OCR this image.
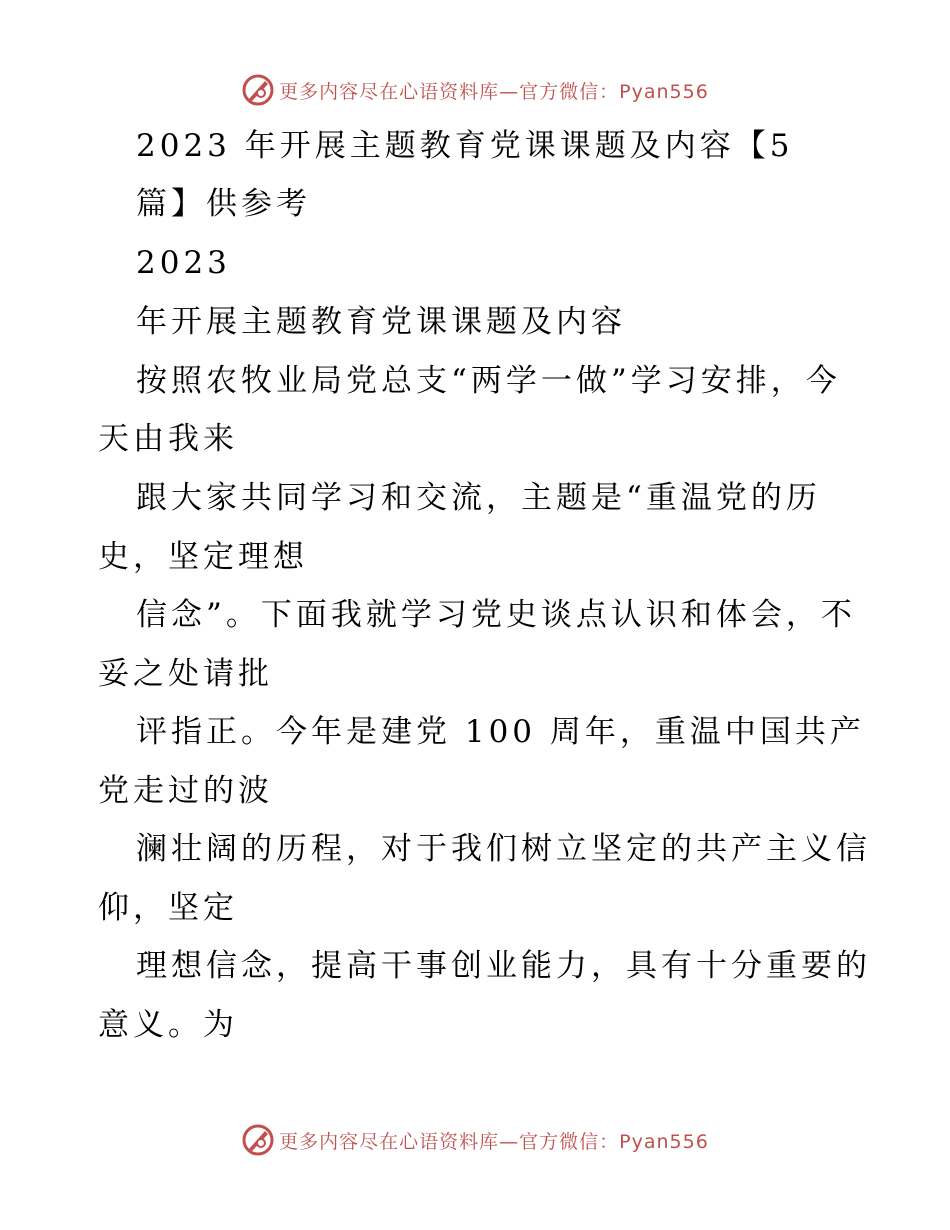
更多内容尽在心语资料库—官方微信：Pyan556
2023 年开展主题教育党课课题及内容【5
篇】供参考
2023
年开展主题教育党课课题及内容
按照农牧业局党总支“两学一做”学习安排，今
天由我来
跟大家共同学习和交流，主题是“重温党的历
史，坚定理想
信念”。下面我就学习党史谈点认识和体会，不
妥之处请批
评指正。今年是建党 100 周年，重温中国共产
党走过的波
澜壮阔的历程，对于我们树立坚定的共产主义信
仰，坚定
理想信念，提高干事创业能力，具有十分重要的
意义。为
更多内容尽在心语资料库—官方微信：Pyan556
